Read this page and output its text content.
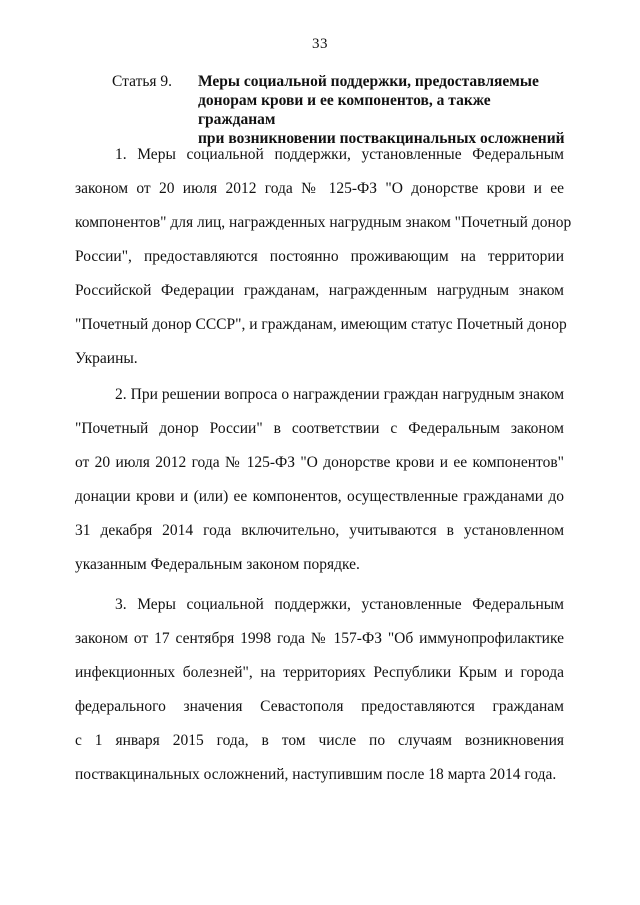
33
Статья 9.	Меры социальной поддержки, предоставляемые
донорам крови и ее компонентов, а также гражданам
при возникновении поствакцинальных осложнений
1. Меры социальной поддержки, установленные Федеральным
законом от 20 июля 2012 года № 125-ФЗ "О донорстве крови и ее
компонентов" для лиц, награжденных нагрудным знаком "Почетный донор
России", предоставляются постоянно проживающим на территории
Российской Федерации гражданам, награжденным нагрудным знаком
"Почетный донор СССР", и гражданам, имеющим статус Почетный донор
Украины.
2. При решении вопроса о награждении граждан нагрудным знаком
"Почетный донор России" в соответствии с Федеральным законом
от 20 июля 2012 года № 125-ФЗ "О донорстве крови и ее компонентов"
донации крови и (или) ее компонентов, осуществленные гражданами до
31 декабря 2014 года включительно, учитываются в установленном
указанным Федеральным законом порядке.
3. Меры социальной поддержки, установленные Федеральным
законом от 17 сентября 1998 года № 157-ФЗ "Об иммунопрофилактике
инфекционных болезней", на территориях Республики Крым и города
федерального значения Севастополя предоставляются гражданам
с 1 января 2015 года, в том числе по случаям возникновения
поствакцинальных осложнений, наступившим после 18 марта 2014 года.
